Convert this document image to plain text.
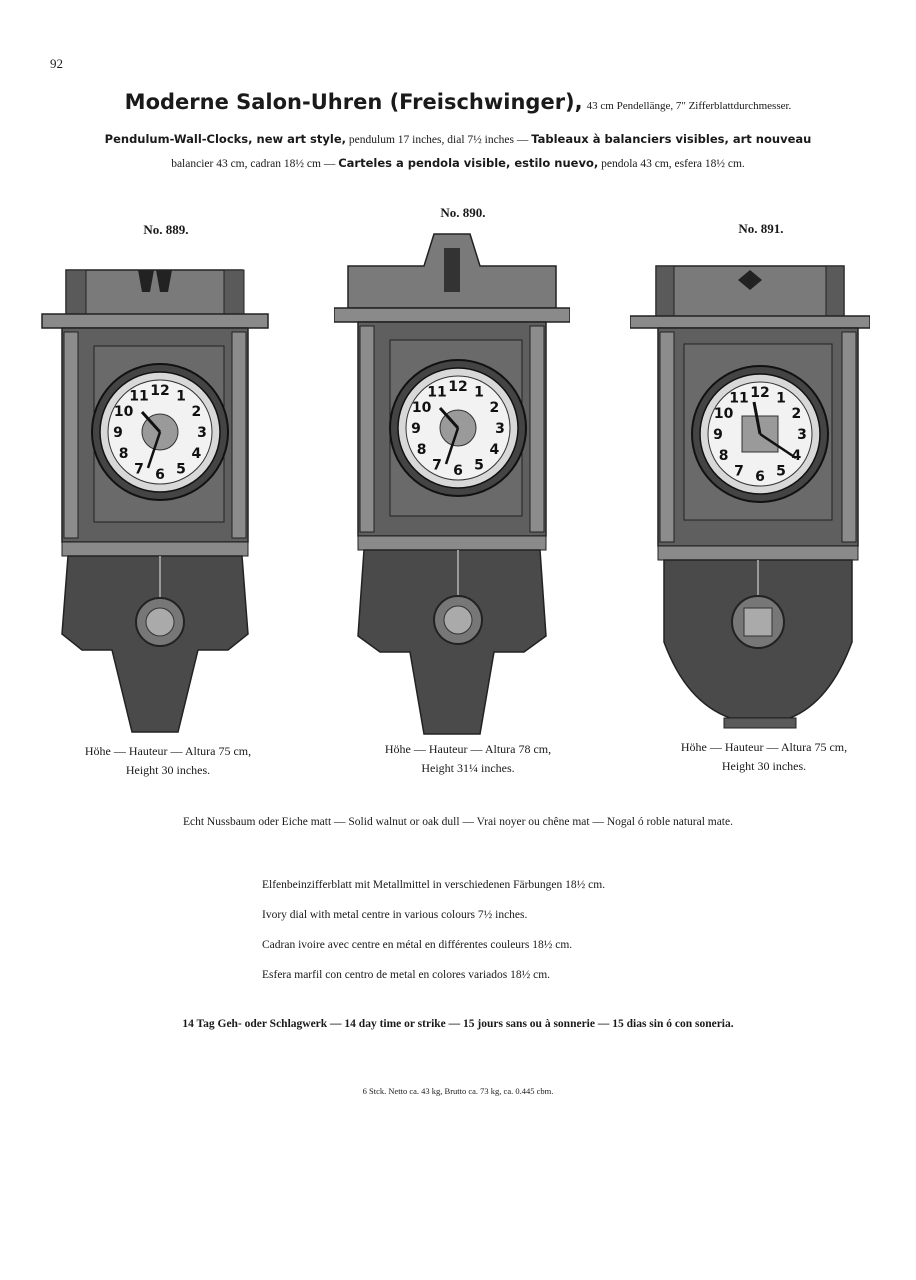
92
Moderne Salon-Uhren (Freischwinger), 43 cm Pendellänge, 7" Zifferblattdurchmesser.
Pendulum-Wall-Clocks, new art style, pendulum 17 inches, dial 7½ inches — Tableaux à balanciers visibles, art nouveau
balancier 43 cm, cadran 18½ cm — Carteles a pendola visible, estilo nuevo, pendola 43 cm, esfera 18½ cm.
No. 889.
No. 890.
No. 891.
12 1
2
3
4
5
6
7
8
9
10
11
12 1
2
3
4
5
6
7
8
9
10
11	12 1
2
3
4
5
6
7
8
9
10
11
Höhe — Hauteur — Altura 75 cm,
Height 30 inches.
Höhe — Hauteur — Altura 78 cm,
Height 31¼ inches.
Höhe — Hauteur — Altura 75 cm,
Height 30 inches.
Echt Nussbaum oder Eiche matt — Solid walnut or oak dull — Vrai noyer ou chêne mat — Nogal ó roble natural mate.
Elfenbeinzifferblatt mit Metallmittel in verschiedenen Färbungen 18½ cm.
Ivory dial with metal centre in various colours 7½ inches.
Cadran ivoire avec centre en métal en différentes couleurs 18½ cm.
Esfera marfil con centro de metal en colores variados 18½ cm.
14 Tag Geh- oder Schlagwerk — 14 day time or strike — 15 jours sans ou à sonnerie — 15 dias sin ó con soneria.
6 Stck. Netto ca. 43 kg, Brutto ca. 73 kg, ca. 0.445 cbm.
